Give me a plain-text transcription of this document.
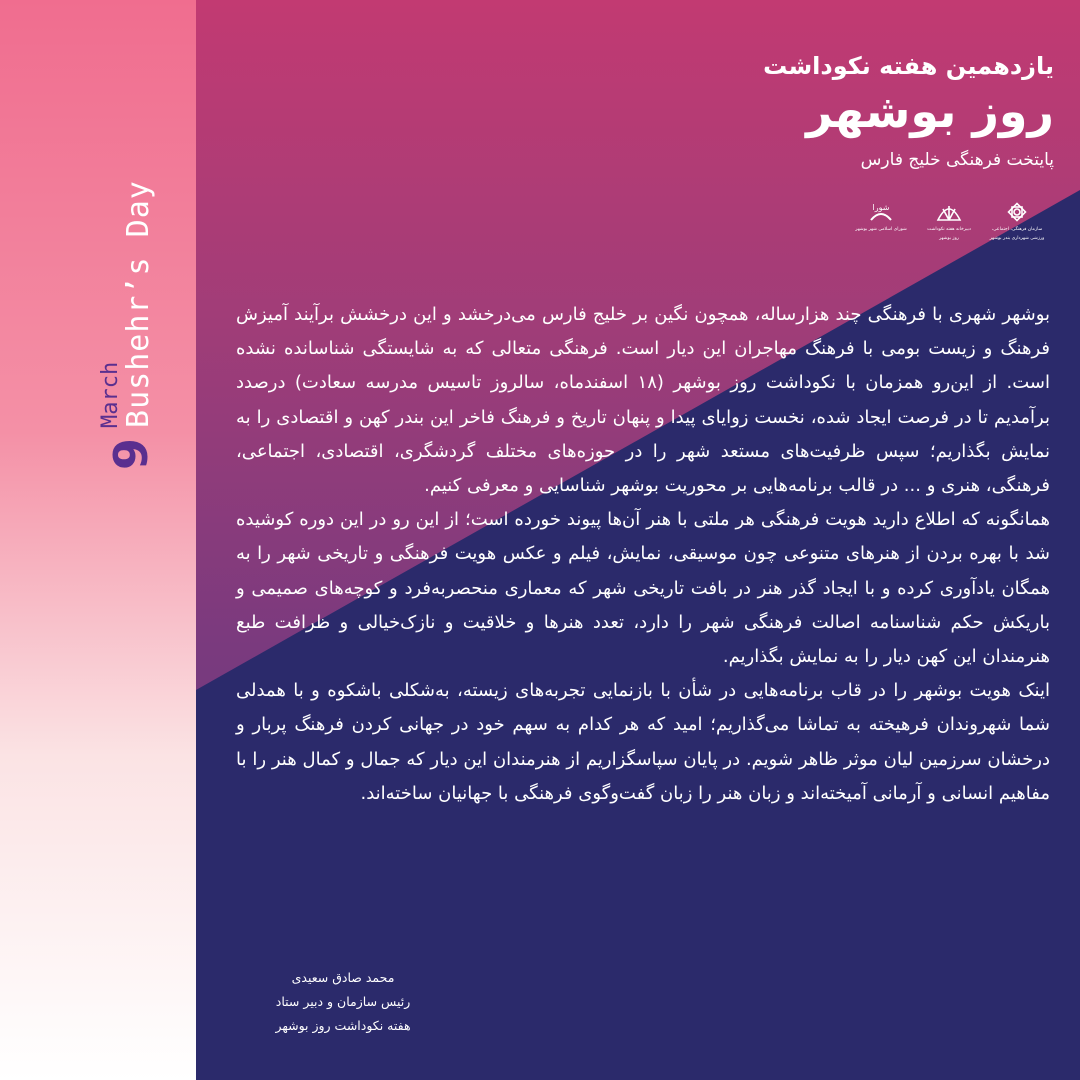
9
March
Bushehr’s Day
یازدهمین هفته نکوداشت
روز بوشهر
پایتخت فرهنگی خلیج فارس
سازمان فرهنگی، اجتماعی،
ورزشی شهرداری بندر بوشهر
دبیرخانه هفته نکوداشت
روز بوشهر
شورا
شورای اسلامی شهر بوشهر

بوشهر شهری با فرهنگی چند هزارساله، همچون نگین بر خلیج فارس می‌درخشد و این درخشش برآیند آمیزش فرهنگ و زیست بومی با فرهنگ مهاجران این دیار است. فرهنگی متعالی که به شایستگی شناسانده نشده است. از این‌رو همزمان با نکوداشت روز بوشهر (۱۸ اسفندماه، سالروز تاسیس مدرسه سعادت) درصدد برآمدیم تا در فرصت ایجاد شده، نخست زوایای پیدا و پنهان تاریخ و فرهنگ فاخر این بندر کهن و اقتصادی را به نمایش بگذاریم؛ سپس ظرفیت‌های مستعد شهر را در حوزه‌های مختلف گردشگری، اقتصادی، اجتماعی، فرهنگی، هنری و ... در قالب برنامه‌هایی بر محوریت بوشهر شناسایی و معرفی کنیم.

همانگونه که اطلاع دارید هویت فرهنگی هر ملتی با هنر آن‌ها پیوند خورده است؛ از این رو در این دوره کوشیده شد با بهره بردن از هنرهای متنوعی چون موسیقی، نمایش، فیلم و عکس هویت فرهنگی و تاریخی شهر را به همگان یادآوری کرده و با ایجاد گذر هنر در بافت تاریخی شهر که معماری منحصربه‌فرد و کوچه‌های صمیمی و باریکش حکم شناسنامه اصالت فرهنگی شهر را دارد، تعدد هنرها و خلاقیت و نازک‌خیالی و ظرافت طبع هنرمندان این کهن دیار را به نمایش بگذاریم.

اینک هویت بوشهر را در قاب برنامه‌هایی در شأن با بازنمایی تجربه‌های زیسته، به‌شکلی باشکوه و با همدلی شما شهروندان فرهیخته به تماشا می‌گذاریم؛ امید که هر کدام به سهم خود در جهانی کردن فرهنگ پربار و درخشان سرزمین لیان موثر ظاهر شویم. در پایان سپاسگزاریم از هنرمندان این دیار که جمال و کمال هنر را با مفاهیم انسانی و آرمانی آمیخته‌اند و زبان هنر را زبان گفت‌وگوی فرهنگی با جهانیان ساخته‌اند.

محمد صادق سعیدی
رئیس سازمان و دبیر ستاد
هفته نکوداشت روز بوشهر
